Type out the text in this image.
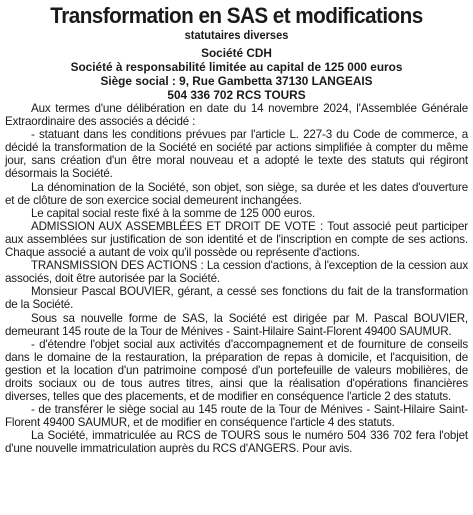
Transformation en SAS et modifications
statutaires diverses
Société CDH
Société à responsabilité limitée au capital de 125 000 euros
Siège social : 9, Rue Gambetta 37130 LANGEAIS
504 336 702 RCS TOURS

Aux termes d'une délibération en date du 14 novembre 2024, l'Assemblée Générale Extraordinaire des associés a décidé :

- statuant dans les conditions prévues par l'article L. 227-3 du Code de commerce, a décidé la transformation de la Société en société par actions simplifiée à compter du même jour, sans création d'un être moral nouveau et a adopté le texte des statuts qui régiront désormais la Société.

La dénomination de la Société, son objet, son siège, sa durée et les dates d'ouverture et de clôture de son exercice social demeurent inchangées.

Le capital social reste fixé à la somme de 125 000 euros.

ADMISSION AUX ASSEMBLÉES ET DROIT DE VOTE : Tout associé peut participer aux assemblées sur justification de son identité et de l'inscription en compte de ses actions. Chaque associé a autant de voix qu'il possède ou représente d'actions.

TRANSMISSION DES ACTIONS : La cession d'actions, à l'exception de la cession aux associés, doit être autorisée par la Société.

Monsieur Pascal BOUVIER, gérant, a cessé ses fonctions du fait de la transformation de la Société.

Sous sa nouvelle forme de SAS, la Société est dirigée par M. Pascal BOUVIER, demeurant 145 route de la Tour de Ménives - Saint-Hilaire Saint-Florent 49400 SAUMUR.

- d'étendre l'objet social aux activités d'accompagnement et de fourniture de conseils dans le domaine de la restauration, la préparation de repas à domicile, et l'acquisition, de gestion et la location d'un patrimoine composé d'un portefeuille de valeurs mobilières, de droits sociaux ou de tous autres titres, ainsi que la réalisation d'opérations financières diverses, telles que des placements, et de modifier en conséquence l'article 2 des statuts.

- de transférer le siège social au 145 route de la Tour de Ménives - Saint-Hilaire Saint-Florent 49400 SAUMUR, et de modifier en conséquence l'article 4 des statuts.

La Société, immatriculée au RCS de TOURS sous le numéro 504 336 702 fera l'objet d'une nouvelle immatriculation auprès du RCS d'ANGERS. Pour avis.
